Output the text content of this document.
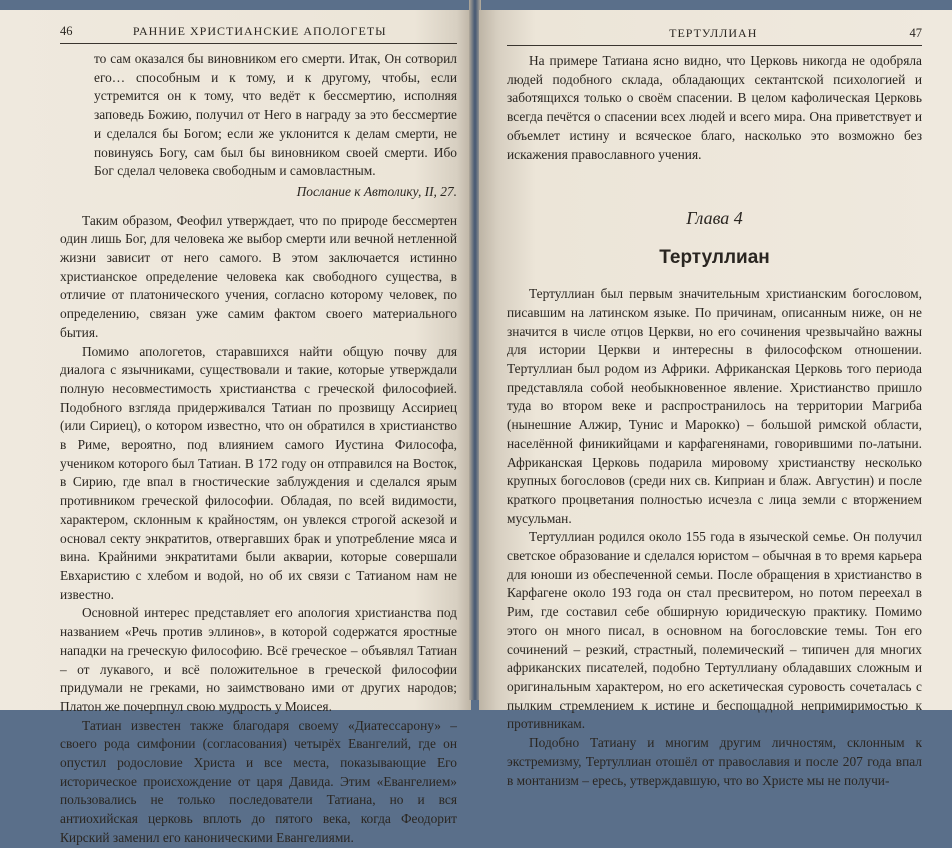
46	РАННИЕ ХРИСТИАНСКИЕ АПОЛОГЕТЫ

то сам оказался бы виновником его смерти. Итак, Он сотворил его… способным и к тому, и к другому, чтобы, если устремится он к тому, что ведёт к бессмертию, исполняя заповедь Божию, получил от Него в награду за это бессмертие и сделался бы Богом; если же уклонится к делам смерти, не повинуясь Богу, сам был бы виновником своей смерти. Ибо Бог сделал человека свободным и самовластным.

Послание к Автолику, II, 27.

Таким образом, Феофил утверждает, что по природе бессмертен один лишь Бог, для человека же выбор смерти или вечной нетленной жизни зависит от него самого. В этом заключается истинно христианское определение человека как свободного существа, в отличие от платонического учения, согласно которому человек, по определению, связан уже самим фактом своего материального бытия.

Помимо апологетов, старавшихся найти общую почву для диалога с язычниками, существовали и такие, которые утверждали полную несовместимость христианства с греческой философией. Подобного взгляда придерживался Татиан по прозвищу Ассириец (или Сириец), о котором известно, что он обратился в христианство в Риме, вероятно, под влиянием самого Иустина Философа, учеником которого был Татиан. В 172 году он отправился на Восток, в Сирию, где впал в гностические заблуждения и сделался ярым противником греческой философии. Обладая, по всей видимости, характером, склонным к крайностям, он увлекся строгой аскезой и основал секту энкратитов, отвергавших брак и употребление мяса и вина. Крайними энкратитами были акварии, которые совершали Евхаристию с хлебом и водой, но об их связи с Татианом нам не известно.

Основной интерес представляет его апология христианства под названием «Речь против эллинов», в которой содержатся яростные нападки на греческую философию. Всё греческое – объявлял Татиан – от лукавого, и всё положительное в греческой философии придумали не греками, но заимствовано ими от других народов; Платон же почерпнул свою мудрость у Моисея.

Татиан известен также благодаря своему «Диатессарону» – своего рода симфонии (согласования) четырёх Евангелий, где он опустил родословие Христа и все места, показывающие Его историческое происхождение от царя Давида. Этим «Евангелием» пользовались не только последователи Татиана, но и вся антиохийская церковь вплоть до пятого века, когда Феодорит Кирский заменил его каноническими Евангелиями.

ТЕРТУЛЛИАН	47

На примере Татиана ясно видно, что Церковь никогда не одобряла людей подобного склада, обладающих сектантской психологией и заботящихся только о своём спасении. В целом кафолическая Церковь всегда печётся о спасении всех людей и всего мира. Она приветствует и объемлет истину и всяческое благо, насколько это возможно без искажения православного учения.

Глава 4
Тертуллиан

Тертуллиан был первым значительным христианским богословом, писавшим на латинском языке. По причинам, описанным ниже, он не значится в числе отцов Церкви, но его сочинения чрезвычайно важны для истории Церкви и интересны в философском отношении. Тертуллиан был родом из Африки. Африканская Церковь того периода представляла собой необыкновенное явление. Христианство пришло туда во втором веке и распространилось на территории Магриба (нынешние Алжир, Тунис и Марокко) – большой римской области, населённой финикийцами и карфагенянами, говорившими по-латыни. Африканская Церковь подарила мировому христианству несколько крупных богословов (среди них св. Киприан и блаж. Августин) и после краткого процветания полностью исчезла с лица земли с вторжением мусульман.

Тертуллиан родился около 155 года в языческой семье. Он получил светское образование и сделался юристом – обычная в то время карьера для юноши из обеспеченной семьи. После обращения в христианство в Карфагене около 193 года он стал пресвитером, но потом переехал в Рим, где составил себе обширную юридическую практику. Помимо этого он много писал, в основном на богословские темы. Тон его сочинений – резкий, страстный, полемический – типичен для многих африканских писателей, подобно Тертуллиану обладавших сложным и оригинальным характером, но его аскетическая суровость сочеталась с пылким стремлением к истине и беспощадной непримиримостью к противникам.

Подобно Татиану и многим другим личностям, склонным к экстремизму, Тертуллиан отошёл от православия и после 207 года впал в монтанизм – ересь, утверждавшую, что во Христе мы не получи-
